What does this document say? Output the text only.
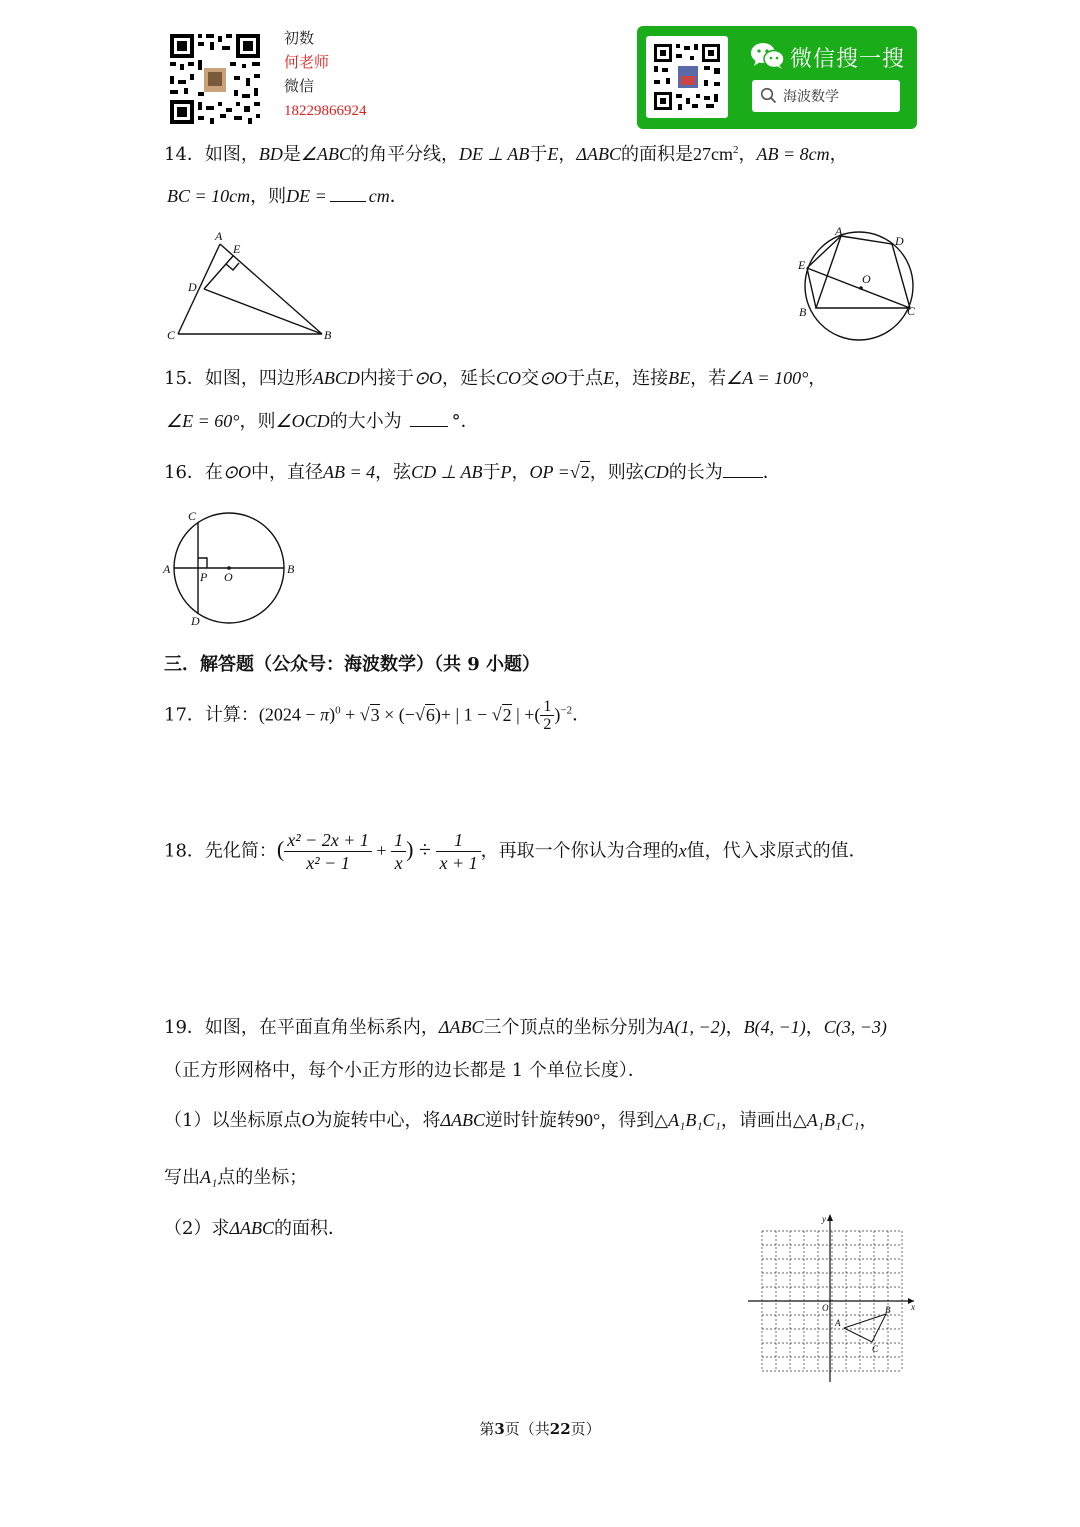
初数
何老师
微信
18229866924
微信搜一搜
海波数学
14．如图，BD是∠ABC的角平分线，DE ⊥ AB于E，ΔABC的面积是$27cm^2$，AB = 8cm，
BC = 10cm，则DE = cm．
A
E
D
C	B
A
D
E
O
B	C
15．如图，四边形ABCD内接于⊙O，延长CO交⊙O于点E，连接BE，若∠A = 100°，
∠E = 60°，则∠OCD的大小为	°．
16．在⊙O中，直径AB = 4，弦CD ⊥ AB于P，OP =√2，则弦CD的长为 ．
C
A
P O
B
D
三．解答题（公众号：海波数学）（共 9 小题）
17．计算：$(2024 - \pi)^0 + √3 \times (-√6)+$ | 1 − √2 | +( $\frac{1}{2} )^{-2}$．
18．先化简：( $\frac{\text{x² − 2x + 1}}{\text{x² − 1}} + \frac{1}{x}$ ) ÷ $\frac{1}{x + 1}$ ，再取一个你认为合理的x值，代入求原式的值．
19．如图，在平面直角坐标系内，ΔABC三个顶点的坐标分别为A(1, −2)，B(4, −1)，C(3, −3)
（正方形网格中，每个小正方形的边长都是 1 个单位长度）．
（1）以坐标原点O为旋转中心，将ΔABC逆时针旋转90°，得到△A₁B₁C₁，请画出△A₁B₁C₁，
写出A₁点的坐标；
（2）求ΔABC的面积．	y
x
O
A
B
C
第3页（共22页）
